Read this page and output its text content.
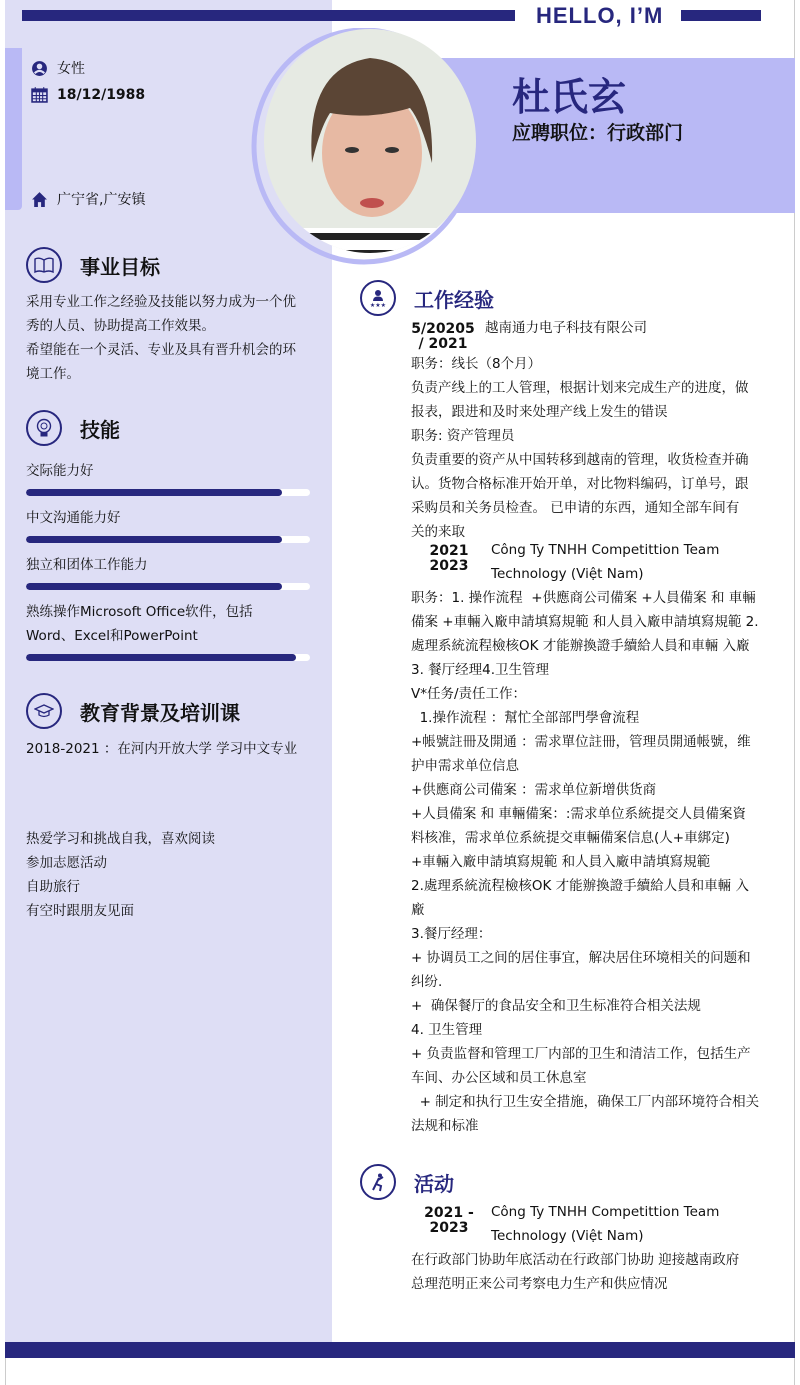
HELLO, I’M
杜氏玄
应聘职位：行政部门
女性
18/12/1988
广宁省,广安镇
事业目标
采用专业工作之经验及技能以努力成为一个优
秀的人员、协助提高工作效果。
希望能在一个灵活、专业及具有晋升机会的环
境工作。
技能
交际能力好
中文沟通能力好
独立和团体工作能力
熟练操作Microsoft Office软件，包括
Word、Excel和PowerPoint
教育背景及培训课
2018-2021 ：在河内开放大学 学习中文专业
热爱学习和挑战自我，喜欢阅读
参加志愿活动
自助旅行
有空时跟朋友见面
★★★ 工作经验
5/20205
/ 2021
越南通力电子科技有限公司
职务：线长（8个月）
负责产线上的工人管理，根据计划来完成生产的进度，做
报表，跟进和及时来处理产线上发生的错误
职务: 资产管理员
负责重要的资产从中国转移到越南的管理，收货检查并确
认。货物合格标准开始开单，对比物料编码，订单号，跟
采购员和关务员检查。 已申请的东西，通知全部车间有
关的来取
2021
2023
Công Ty TNHH Competittion Team
Technology (Việt Nam)
职务：1. 操作流程  +供應商公司備案 +人員備案 和 車輛
備案 +車輛入廠申請填寫規範 和人員入廠申請填寫規範 2.
處理系統流程檢核OK 才能辦換證手續給人員和車輛 入廠
3. 餐厅经理4.卫生管理
V*任务/责任工作：
1.操作流程 ：幫忙全部部門學會流程
+帳號註冊及開通 ：需求單位註冊，管理员開通帳號，维
护申需求单位信息
+供應商公司備案 ：需求单位新增供货商
+人員備案 和 車輛備案：:需求单位系統提交人員備案資
料核准，需求单位系統提交車輛備案信息(人+車綁定)
+車輛入廠申請填寫規範 和人員入廠申請填寫規範
2.處理系統流程檢核OK 才能辦換證手續給人員和車輛 入
廠
3.餐厅经理：
+ 协调员工之间的居住事宜，解决居住环境相关的问题和
纠纷.
+  确保餐厅的食品安全和卫生标准符合相关法规
4. 卫生管理
+ 负责监督和管理工厂内部的卫生和清洁工作，包括生产
车间、办公区域和员工休息室
+ 制定和执行卫生安全措施，确保工厂内部环境符合相关
法规和标准
活动
2021 -
2023
Công Ty TNHH Competittion Team
Technology (Việt Nam)
在行政部门协助年底活动在行政部门协助 迎接越南政府
总理范明正来公司考察电力生产和供应情况
